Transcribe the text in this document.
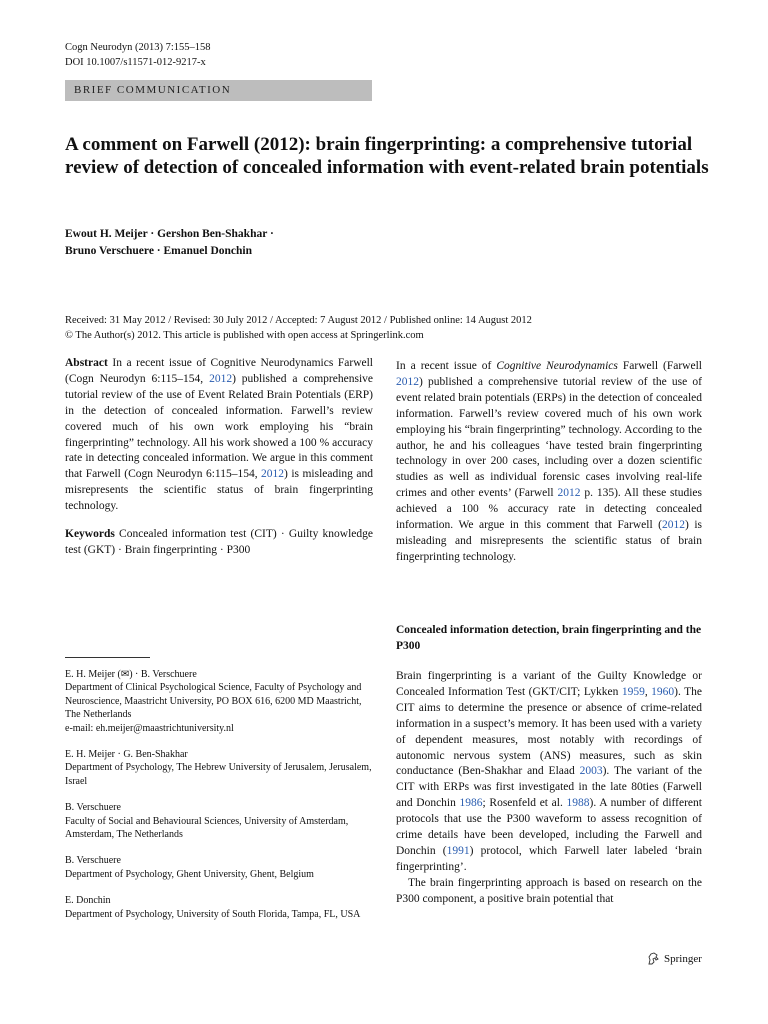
Cogn Neurodyn (2013) 7:155–158
DOI 10.1007/s11571-012-9217-x
BRIEF COMMUNICATION
A comment on Farwell (2012): brain fingerprinting: a comprehensive tutorial review of detection of concealed information with event-related brain potentials
Ewout H. Meijer · Gershon Ben-Shakhar ·
Bruno Verschuere · Emanuel Donchin
Received: 31 May 2012 / Revised: 30 July 2012 / Accepted: 7 August 2012 / Published online: 14 August 2012
© The Author(s) 2012. This article is published with open access at Springerlink.com

Abstract In a recent issue of Cognitive Neurodynamics Farwell (Cogn Neurodyn 6:115–154, 2012) published a comprehensive tutorial review of the use of Event Related Brain Potentials (ERP) in the detection of concealed information. Farwell’s review covered much of his own work employing his “brain fingerprinting” technology. All his work showed a 100 % accuracy rate in detecting concealed information. We argue in this comment that Farwell (Cogn Neurodyn 6:115–154, 2012) is misleading and misrepresents the scientific status of brain fingerprinting technology.

Keywords Concealed information test (CIT) · Guilty knowledge test (GKT) · Brain fingerprinting · P300

E. H. Meijer (✉) · B. Verschuere
Department of Clinical Psychological Science, Faculty of Psychology and Neuroscience, Maastricht University, PO BOX 616, 6200 MD Maastricht, The Netherlands
e-mail: eh.meijer@maastrichtuniversity.nl

E. H. Meijer · G. Ben-Shakhar
Department of Psychology, The Hebrew University of Jerusalem, Jerusalem, Israel

B. Verschuere
Faculty of Social and Behavioural Sciences, University of Amsterdam, Amsterdam, The Netherlands

B. Verschuere
Department of Psychology, Ghent University, Ghent, Belgium

E. Donchin
Department of Psychology, University of South Florida, Tampa, FL, USA

In a recent issue of Cognitive Neurodynamics Farwell (Farwell 2012) published a comprehensive tutorial review of the use of event related brain potentials (ERPs) in the detection of concealed information. Farwell’s review covered much of his own work employing his “brain fingerprinting” technology. According to the author, he and his colleagues ‘have tested brain fingerprinting technology in over 200 cases, including over a dozen scientific studies as well as individual forensic cases involving real-life crimes and other events’ (Farwell 2012 p. 135). All these studies achieved a 100 % accuracy rate in detecting concealed information. We argue in this comment that Farwell (2012) is misleading and misrepresents the scientific status of brain fingerprinting technology.

Concealed information detection, brain fingerprinting and the P300

Brain fingerprinting is a variant of the Guilty Knowledge or Concealed Information Test (GKT/CIT; Lykken 1959, 1960). The CIT aims to determine the presence or absence of crime-related information in a suspect’s memory. It has been used with a variety of dependent measures, most notably with recordings of autonomic nervous system (ANS) measures, such as skin conductance (Ben-Shakhar and Elaad 2003). The variant of the CIT with ERPs was first investigated in the late 80ties (Farwell and Donchin 1986; Rosenfeld et al. 1988). A number of different protocols that use the P300 waveform to assess recognition of crime details have been developed, including the Farwell and Donchin (1991) protocol, which Farwell later labeled ‘brain fingerprinting’.

The brain fingerprinting approach is based on research on the P300 component, a positive brain potential that

Springer
